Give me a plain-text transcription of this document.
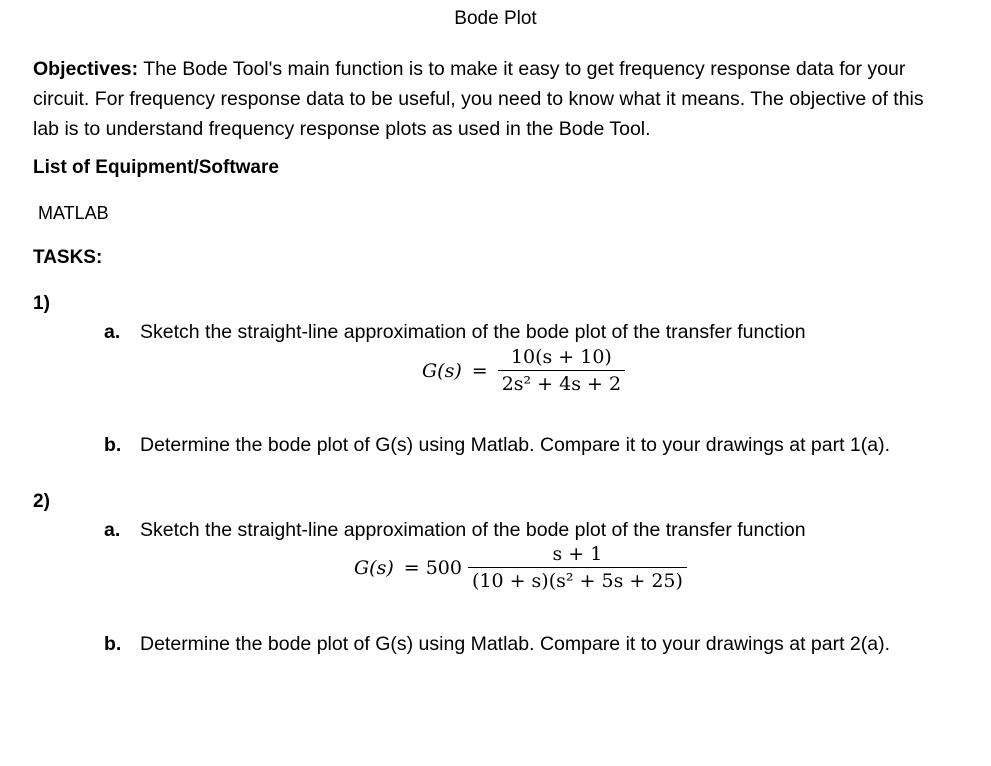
Bode Plot
Objectives: The Bode Tool's main function is to make it easy to get frequency response data for your circuit. For frequency response data to be useful, you need to know what it means. The objective of this lab is to understand frequency response plots as used in the Bode Tool.
List of Equipment/Software
MATLAB
TASKS:
1)
a. Sketch the straight-line approximation of the bode plot of the transfer function
$G(s) = \frac{10(s + 10)}{\text{2s² + 4s + 2}}$
b. Determine the bode plot of G(s) using Matlab. Compare it to your drawings at part 1(a).
2)
a. Sketch the straight-line approximation of the bode plot of the transfer function
$G(s) = 500 \frac{s + 1}{\text{(10 + s)(s² + 5s + 25)}}$
b. Determine the bode plot of G(s) using Matlab. Compare it to your drawings at part 2(a).
